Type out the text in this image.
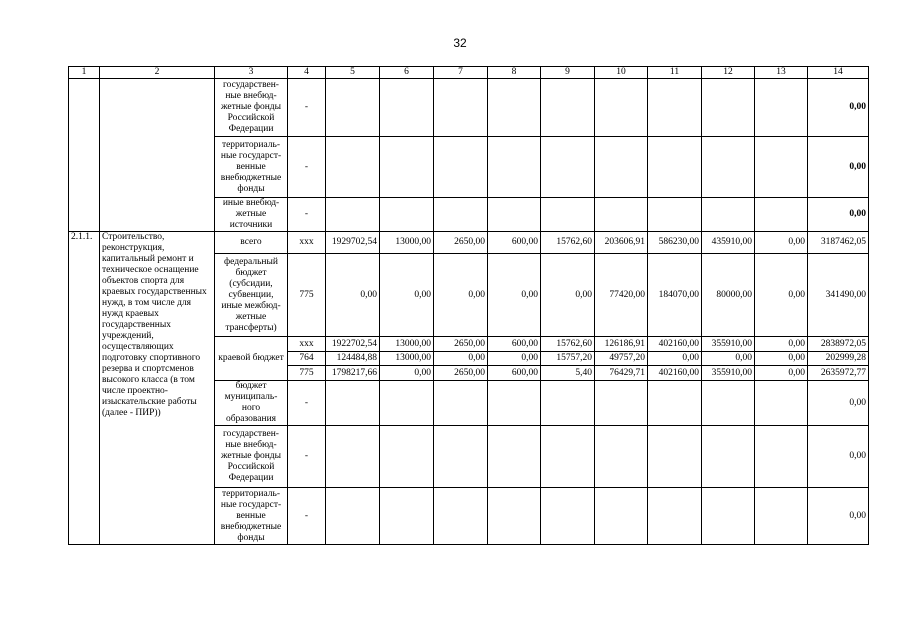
32
1	2	3	4	5	6	7	8	9	10	11	12	13	14
		государствен-ные внебюд-жетные фонды Российской Федерации	-										0,00
		территориаль-ные государст-венные внебюджетные фонды	-										0,00
		иные внебюд-жетные источники	-										0,00
2.1.1.	Строительство, реконструкция, капитальный ремонт и техническое оснащение объектов спорта для краевых государственных нужд, в том числе для нужд краевых государственных учреждений, осуществляющих подготовку спортивного резерва и спортсменов высокого класса (в том числе проектно-изыскательские работы (далее - ПИР))	всего	ххх	1929702,54	13000,00	2650,00	600,00	15762,60	203606,91	586230,00	435910,00	0,00	3187462,05
		федеральный бюджет (субсидии, субвенции, иные межбюд-жетные трансферты)	775	0,00	0,00	0,00	0,00	0,00	77420,00	184070,00	80000,00	0,00	341490,00
		краевой бюджет	ххх	1922702,54	13000,00	2650,00	600,00	15762,60	126186,91	402160,00	355910,00	0,00	2838972,05
			764	124484,88	13000,00	0,00	0,00	15757,20	49757,20	0,00	0,00	0,00	202999,28
			775	1798217,66	0,00	2650,00	600,00	5,40	76429,71	402160,00	355910,00	0,00	2635972,77
		бюджет муниципаль-ного образования	-										0,00
		государствен-ные внебюд-жетные фонды Российской Федерации	-										0,00
		территориаль-ные государст-венные внебюджетные фонды	-										0,00
